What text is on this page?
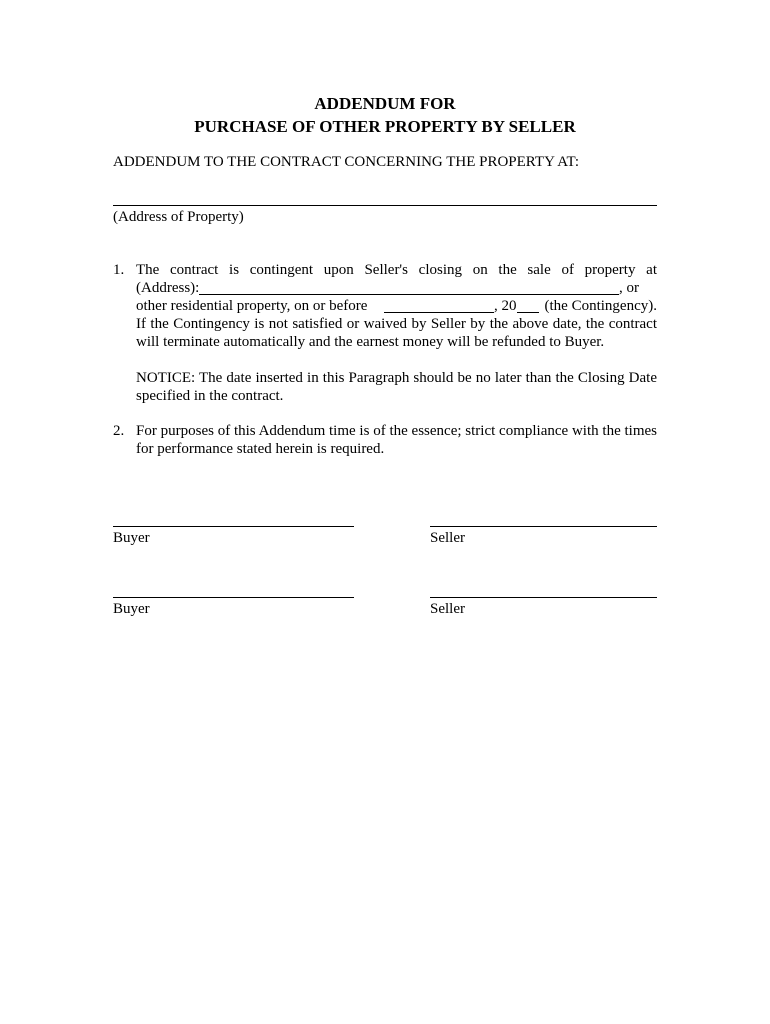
ADDENDUM FOR
PURCHASE OF OTHER PROPERTY BY SELLER
ADDENDUM TO THE CONTRACT CONCERNING THE PROPERTY AT:
(Address of Property)
1. The contract is contingent upon Seller's closing on the sale of property at
(Address):	, or
other residential property, on or before	, 20 (the Contingency).
If the Contingency is not satisfied or waived by Seller by the above date, the contract will terminate automatically and the earnest money will be refunded to Buyer.
NOTICE: The date inserted in this Paragraph should be no later than the Closing Date specified in the contract.
2. For purposes of this Addendum time is of the essence; strict compliance with the times for performance stated herein is required.
Buyer	Seller
Buyer	Seller
